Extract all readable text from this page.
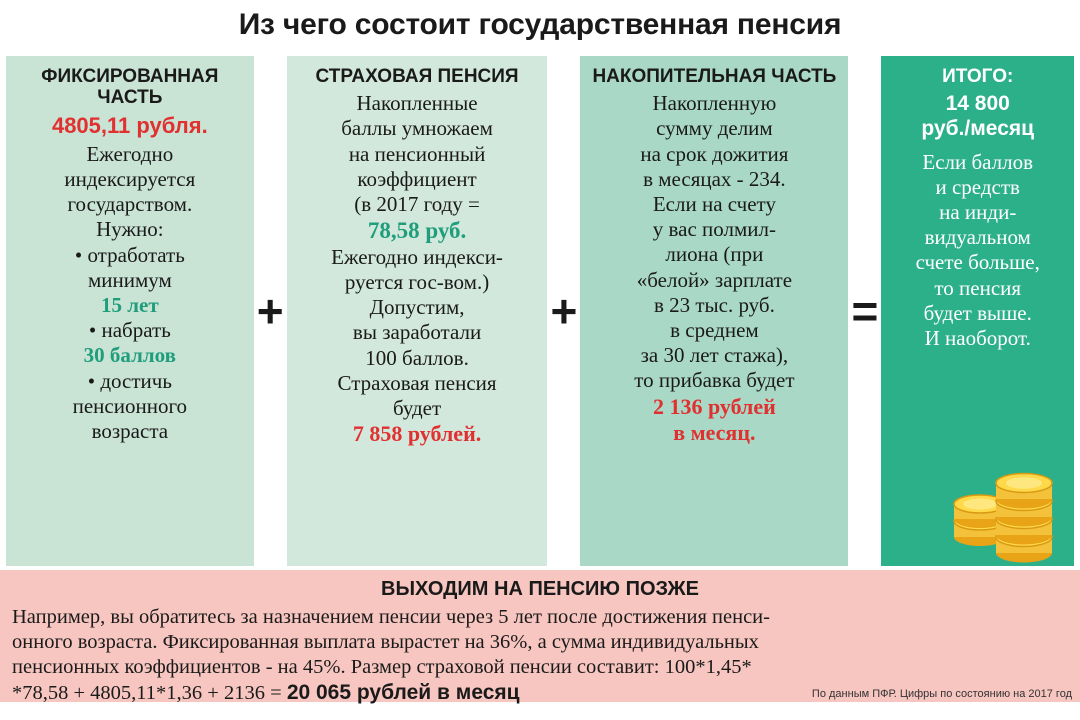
Из чего состоит государственная пенсия
ФИКСИРОВАННАЯ ЧАСТЬ
4805,11 рубля.
Ежегодно
индексируется
государством.
Нужно:
• отработать
минимум
15 лет
• набрать
30 баллов
• достичь
пенсионного
возраста
+
СТРАХОВАЯ ПЕНСИЯ
Накопленные
баллы умножаем
на пенсионный
коэффициент
(в 2017 году =
78,58 руб.
Ежегодно индекси-
руется гос-вом.)
Допустим,
вы заработали
100 баллов.
Страховая пенсия
будет
7 858 рублей.
+
НАКОПИТЕЛЬНАЯ ЧАСТЬ
Накопленную
сумму делим
на срок дожития
в месяцах - 234.
Если на счету
у вас полмил-
лиона (при
«белой» зарплате
в 23 тыс. руб.
в среднем
за 30 лет стажа),
то прибавка будет
2 136 рублей
в месяц.
=
ИТОГО:
14 800
руб./месяц
Если баллов
и средств
на инди-
видуальном
счете больше,
то пенсия
будет выше.
И наоборот.
ВЫХОДИМ НА ПЕНСИЮ ПОЗЖЕ
Например, вы обратитесь за назначением пенсии через 5 лет после достижения пенси-
онного возраста. Фиксированная выплата вырастет на 36%, а сумма индивидуальных
пенсионных коэффициентов - на 45%. Размер страховой пенсии составит: 100*1,45*
*78,58 + 4805,11*1,36 + 2136 = 20 065 рублей в месяц	По данным ПФР. Цифры по состоянию на 2017 год
